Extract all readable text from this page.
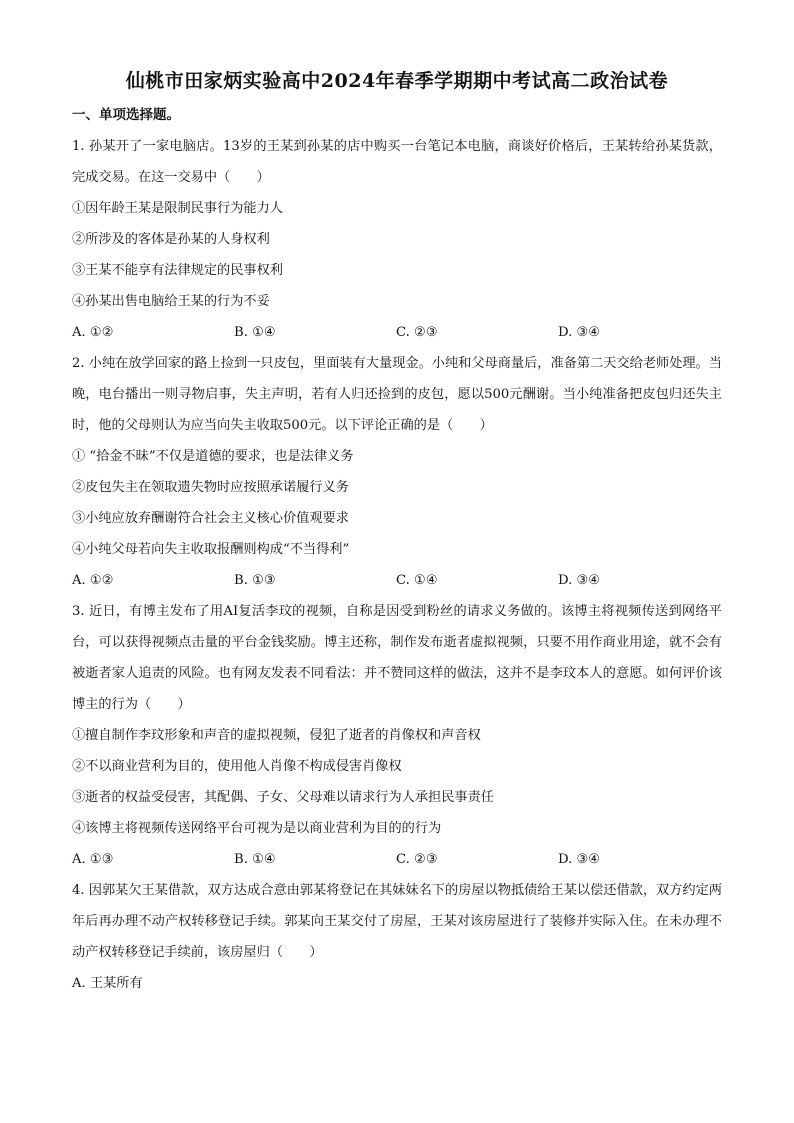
仙桃市田家炳实验高中2024年春季学期期中考试高二政治试卷
一、单项选择题。

1. 孙某开了一家电脑店。13岁的王某到孙某的店中购买一台笔记本电脑，商谈好价格后，王某转给孙某货款，完成交易。在这一交易中（　　）

①因年龄王某是限制民事行为能力人

②所涉及的客体是孙某的人身权利

③王某不能享有法律规定的民事权利

④孙某出售电脑给王某的行为不妥

A. ①②	B. ①④	C. ②③	D. ③④

2. 小纯在放学回家的路上捡到一只皮包，里面装有大量现金。小纯和父母商量后，准备第二天交给老师处理。当晚，电台播出一则寻物启事，失主声明，若有人归还捡到的皮包，愿以500元酬谢。当小纯准备把皮包归还失主时，他的父母则认为应当向失主收取500元。以下评论正确的是（　　）

① “拾金不昧”不仅是道德的要求，也是法律义务

②皮包失主在领取遗失物时应按照承诺履行义务

③小纯应放弃酬谢符合社会主义核心价值观要求

④小纯父母若向失主收取报酬则构成“不当得利”

A. ①②	B. ①③	C. ①④	D. ③④

3. 近日，有博主发布了用AI复活李玟的视频，自称是因受到粉丝的请求义务做的。该博主将视频传送到网络平台，可以获得视频点击量的平台金钱奖励。博主还称，制作发布逝者虚拟视频，只要不用作商业用途，就不会有被逝者家人追责的风险。也有网友发表不同看法：并不赞同这样的做法，这并不是李玟本人的意愿。如何评价该博主的行为（　　）

①擅自制作李玟形象和声音的虚拟视频，侵犯了逝者的肖像权和声音权

②不以商业营利为目的，使用他人肖像不构成侵害肖像权

③逝者的权益受侵害，其配偶、子女、父母难以请求行为人承担民事责任

④该博主将视频传送网络平台可视为是以商业营利为目的的行为

A. ①③	B. ①④	C. ②③	D. ③④

4. 因郭某欠王某借款，双方达成合意由郭某将登记在其妹妹名下的房屋以物抵债给王某以偿还借款，双方约定两年后再办理不动产权转移登记手续。郭某向王某交付了房屋，王某对该房屋进行了装修并实际入住。在未办理不动产权转移登记手续前，该房屋归（　　）

A. 王某所有
